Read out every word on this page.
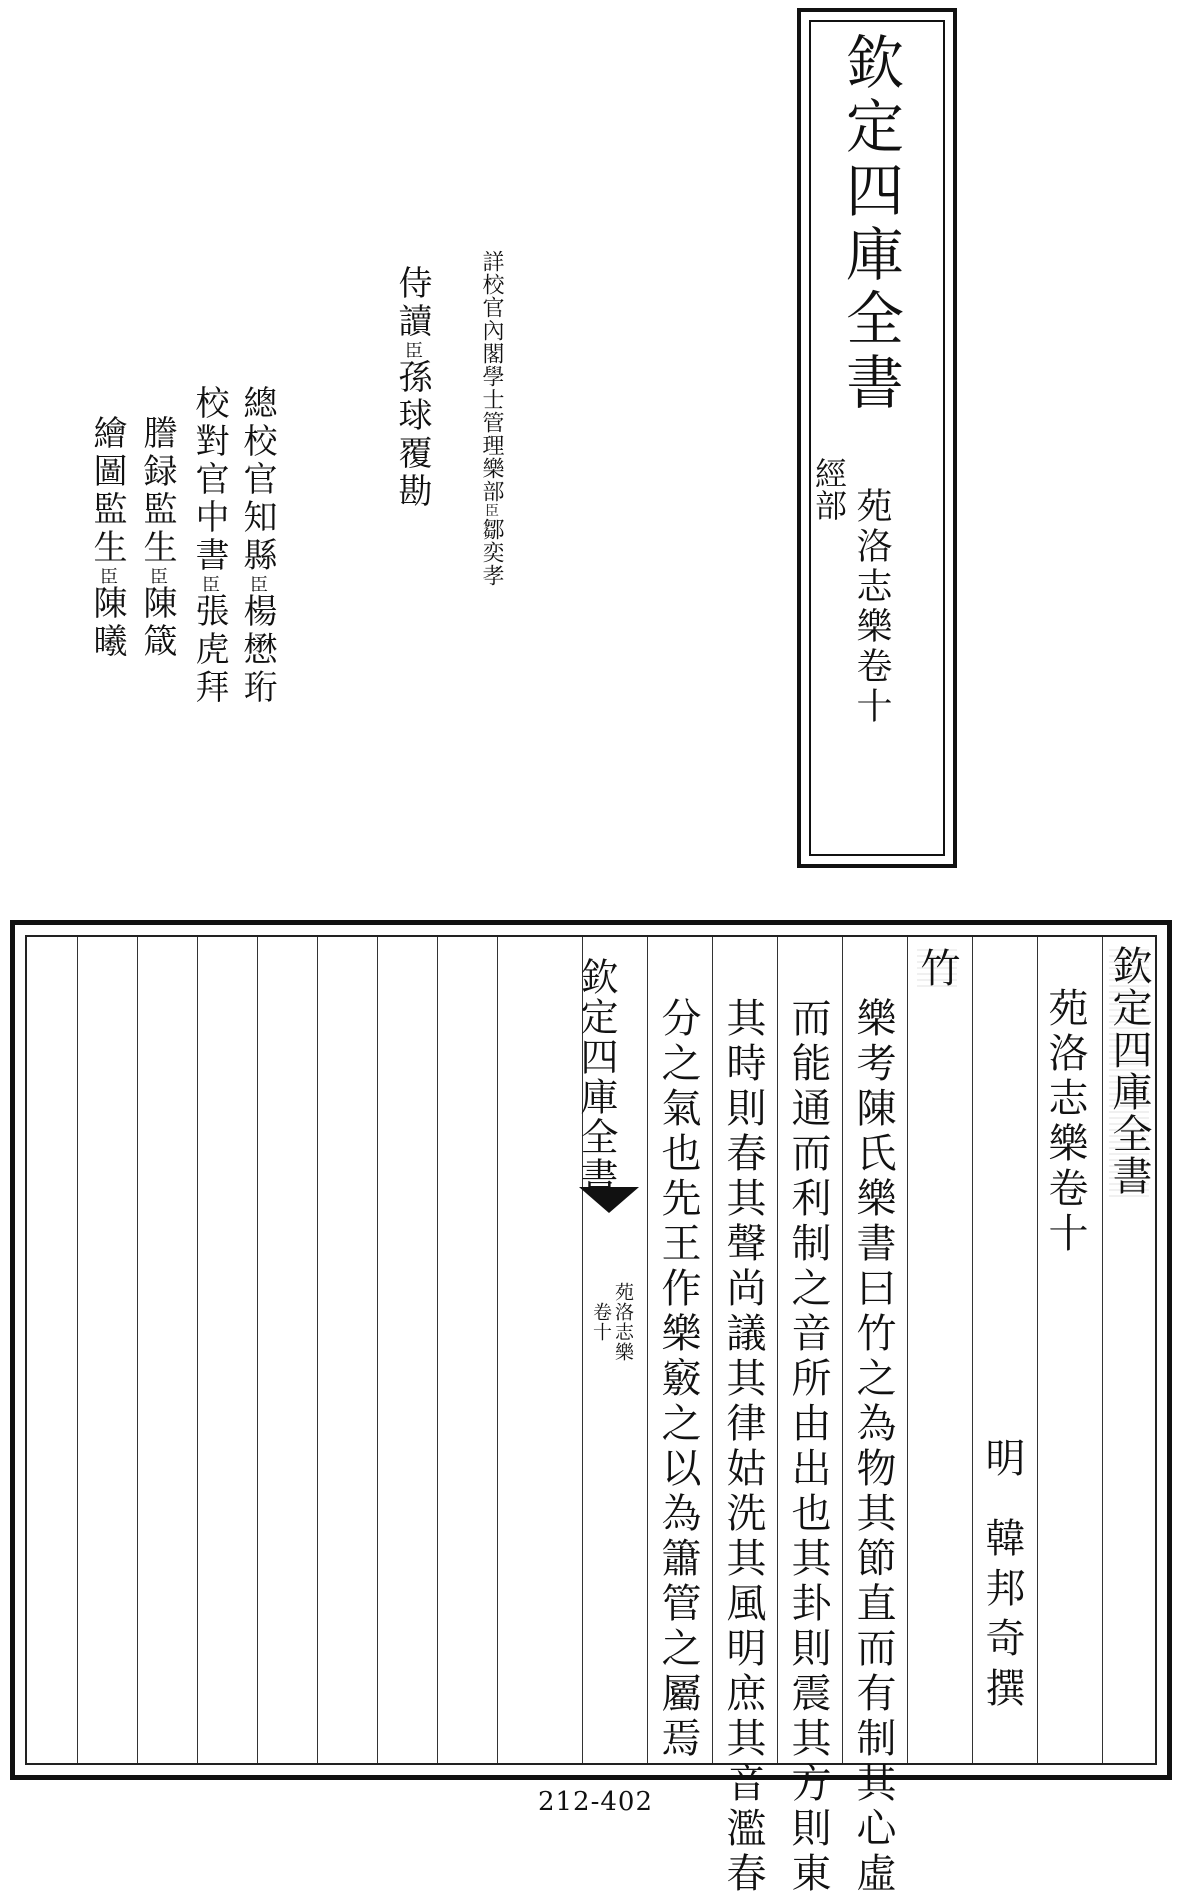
欽定四庫全書
經部 苑洛志樂卷十
詳校官內閣學士管理樂部臣鄒奕孝
侍讀臣孫球覆勘
總校官知縣臣楊懋珩
校對官中書臣張虎拜
謄録監生臣陳箴
繪圖監生臣陳曦
欽定四庫全書
苑洛志樂
卷十
欽定四庫全書
苑洛志樂卷十
明
韓邦奇
撰
竹
樂考陳氏樂書曰竹之為物其節直而有制其心虛
而能通而利制之音所由出也其卦則震其方則東
其時則春其聲尚議其律姑洗其風明庶其音濫春
分之氣也先王作樂竅之以為簫管之屬焉
212-402
